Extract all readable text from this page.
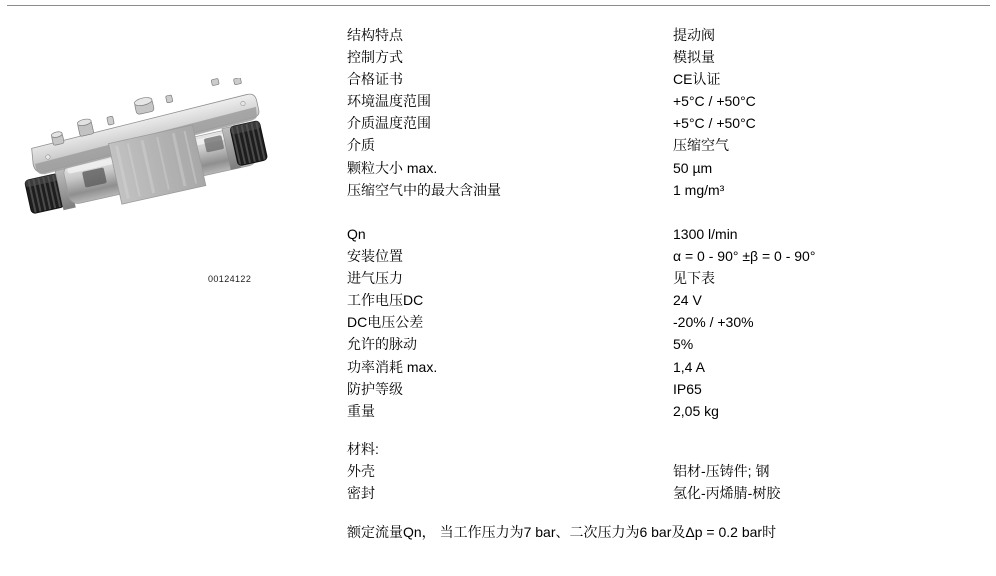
00124122
结构特点	提动阀
控制方式	模拟量
合格证书	CE认证
环境温度范围	+5°C / +50°C
介质温度范围	+5°C / +50°C
介质	压缩空气
颗粒大小 max.	50 µm
压缩空气中的最大含油量	1 mg/m³
Qn	1300 l/min
安装位置	α = 0 - 90° ±β = 0 - 90°
进气压力	见下表
工作电压DC	24 V
DC电压公差	-20% / +30%
允许的脉动	5%
功率消耗 max.	1,4 A
防护等级	IP65
重量	2,05 kg
材料:
外壳	铝材-压铸件; 钢
密封	氢化-丙烯腈-树胶

额定流量Qn， 当工作压力为7 bar、二次压力为6 bar及Δp = 0.2 bar时
